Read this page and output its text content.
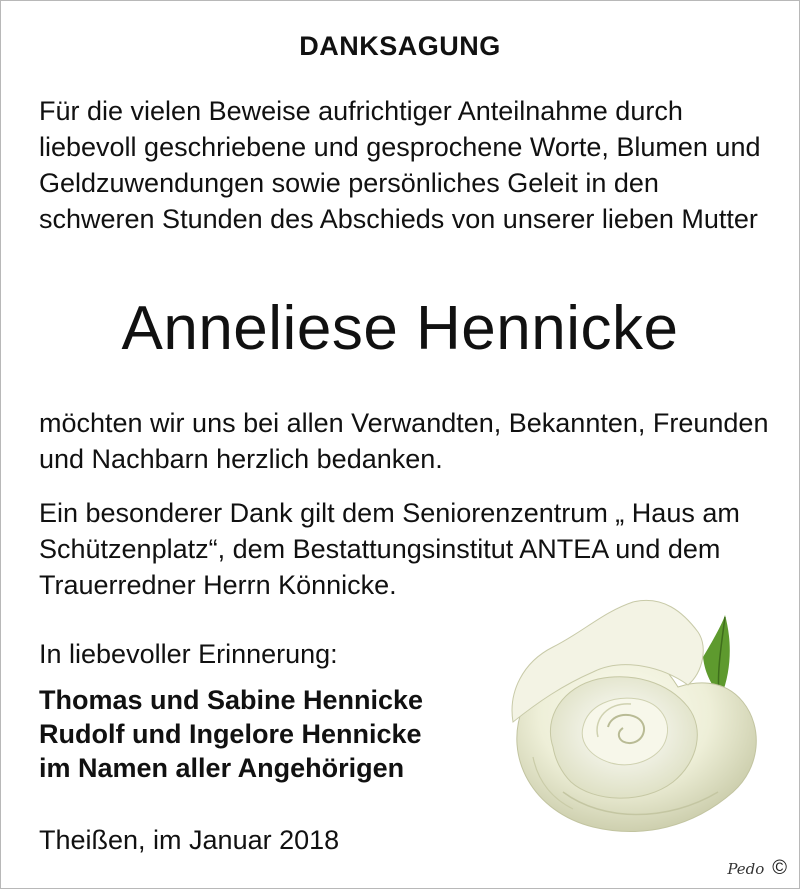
DANKSAGUNG

Für die vielen Beweise aufrichtiger Anteilnahme durch liebevoll geschriebene und gesprochene Worte, Blumen und Geldzuwendungen sowie persönliches Geleit in den schweren Stunden des Abschieds von unserer lieben Mutter

Anneliese Hennicke

möchten wir uns bei allen Verwandten, Bekannten, Freunden und Nachbarn herzlich bedanken.

Ein besonderer Dank gilt dem Seniorenzentrum „ Haus am Schützenplatz“, dem Bestattungsinstitut ANTEA und dem Trauerredner Herrn Könnicke.

In liebevoller Erinnerung:
Thomas und Sabine Hennicke
Rudolf und Ingelore Hennicke
im Namen aller Angehörigen
Theißen, im Januar 2018
Pedo ©
